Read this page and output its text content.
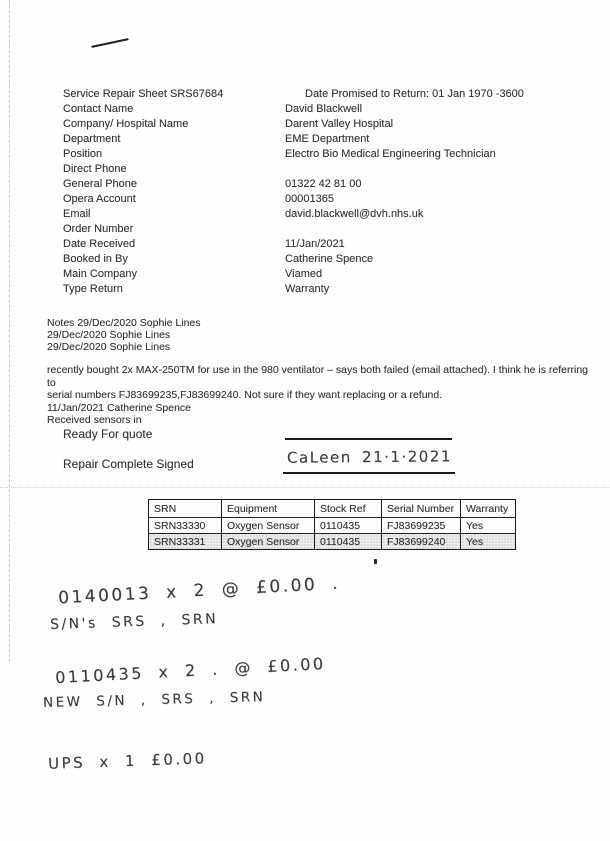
Service Repair Sheet SRS67684	Date Promised to Return: 01 Jan 1970 -3600
Contact Name	David Blackwell
Company/ Hospital Name	Darent Valley Hospital
Department	EME Department
Position	Electro Bio Medical Engineering Technician
Direct Phone
General Phone	01322 42 81 00
Opera Account	00001365
Email	david.blackwell@dvh.nhs.uk
Order Number
Date Received	11/Jan/2021
Booked in By	Catherine Spence
Main Company	Viamed
Type Return	Warranty
Notes 29/Dec/2020 Sophie Lines
29/Dec/2020 Sophie Lines
29/Dec/2020 Sophie Lines
recently bought 2x MAX-250TM for use in the 980 ventilator – says both failed (email attached). I think he is referring to
serial numbers FJ83699235,FJ83699240. Not sure if they want replacing or a refund.
11/Jan/2021 Catherine Spence
Received sensors in
Ready For quote
Repair Complete Signed	CaLeen 21·1·2021
SRN	Equipment	Stock Ref	Serial Number	Warranty
SRN33330	Oxygen Sensor	0110435	FJ83699235	Yes
SRN33331	Oxygen Sensor	0110435	FJ83699240	Yes
0140013 x 2 @ £0.00 .
S/N's SRS , SRN
0110435 x 2 . @ £0.00
NEW S/N , SRS , SRN
UPS x 1 £0.00
